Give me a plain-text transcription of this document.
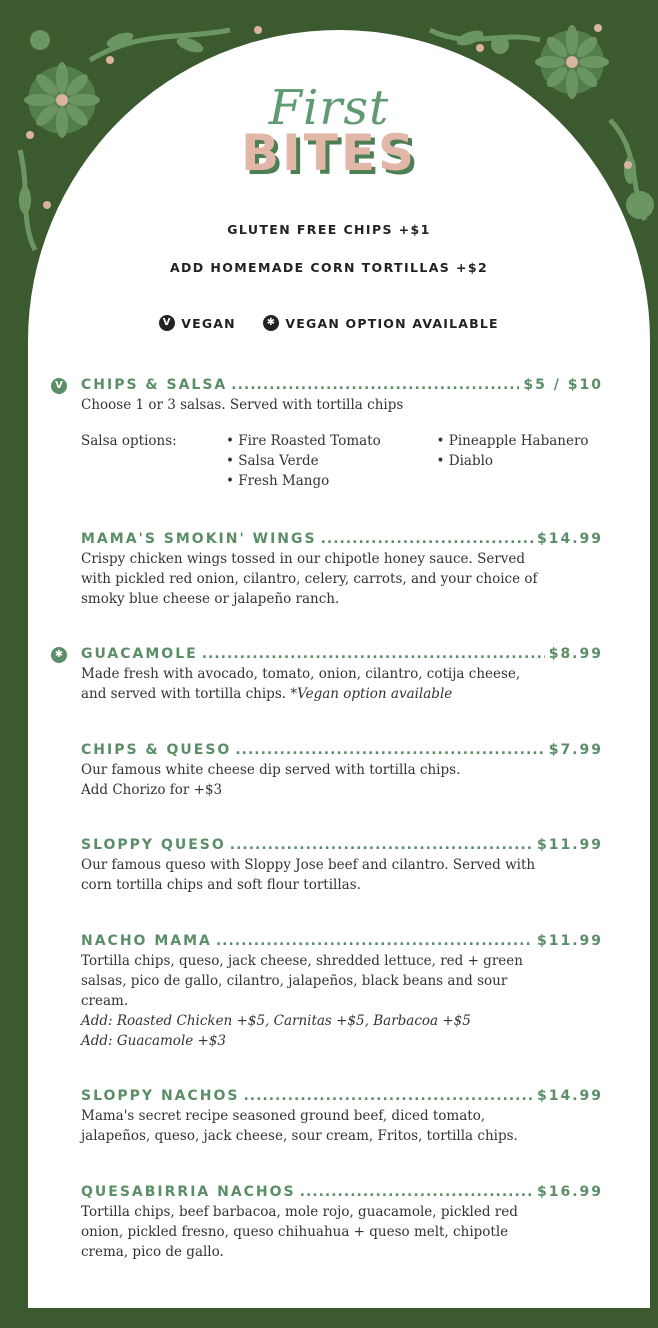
First
BITES
GLUTEN FREE CHIPS +$1
ADD HOMEMADE CORN TORTILLAS +$2
V VEGAN
	✱ VEGAN OPTION AVAILABLE
V CHIPS & SALSA .....	$5 / $10
Choose 1 or 3 salsas. Served with tortilla chips
Salsa options:	• Fire Roasted Tomato
• Salsa Verde
• Fresh Mango
• Pineapple Habanero
• Diablo
MAMA'S SMOKIN' WINGS .....	$14.99
Crispy chicken wings tossed in our chipotle honey sauce. Served
with pickled red onion, cilantro, celery, carrots, and your choice of
smoky blue cheese or jalapeño ranch.
✱ GUACAMOLE .....	$8.99
Made fresh with avocado, tomato, onion, cilantro, cotija cheese,
and served with tortilla chips. *Vegan option available
CHIPS & QUESO .....	$7.99
Our famous white cheese dip served with tortilla chips.
Add Chorizo for +$3
SLOPPY QUESO .....	$11.99
Our famous queso with Sloppy Jose beef and cilantro. Served with
corn tortilla chips and soft flour tortillas.
NACHO MAMA .....	$11.99
Tortilla chips, queso, jack cheese, shredded lettuce, red + green
salsas, pico de gallo, cilantro, jalapeños, black beans and sour
cream.
Add: Roasted Chicken +$5, Carnitas +$5, Barbacoa +$5
Add: Guacamole +$3
SLOPPY NACHOS .....	$14.99
Mama's secret recipe seasoned ground beef, diced tomato,
jalapeños, queso, jack cheese, sour cream, Fritos, tortilla chips.
QUESABIRRIA NACHOS .....	$16.99
Tortilla chips, beef barbacoa, mole rojo, guacamole, pickled red
onion, pickled fresno, queso chihuahua + queso melt, chipotle
crema, pico de gallo.
